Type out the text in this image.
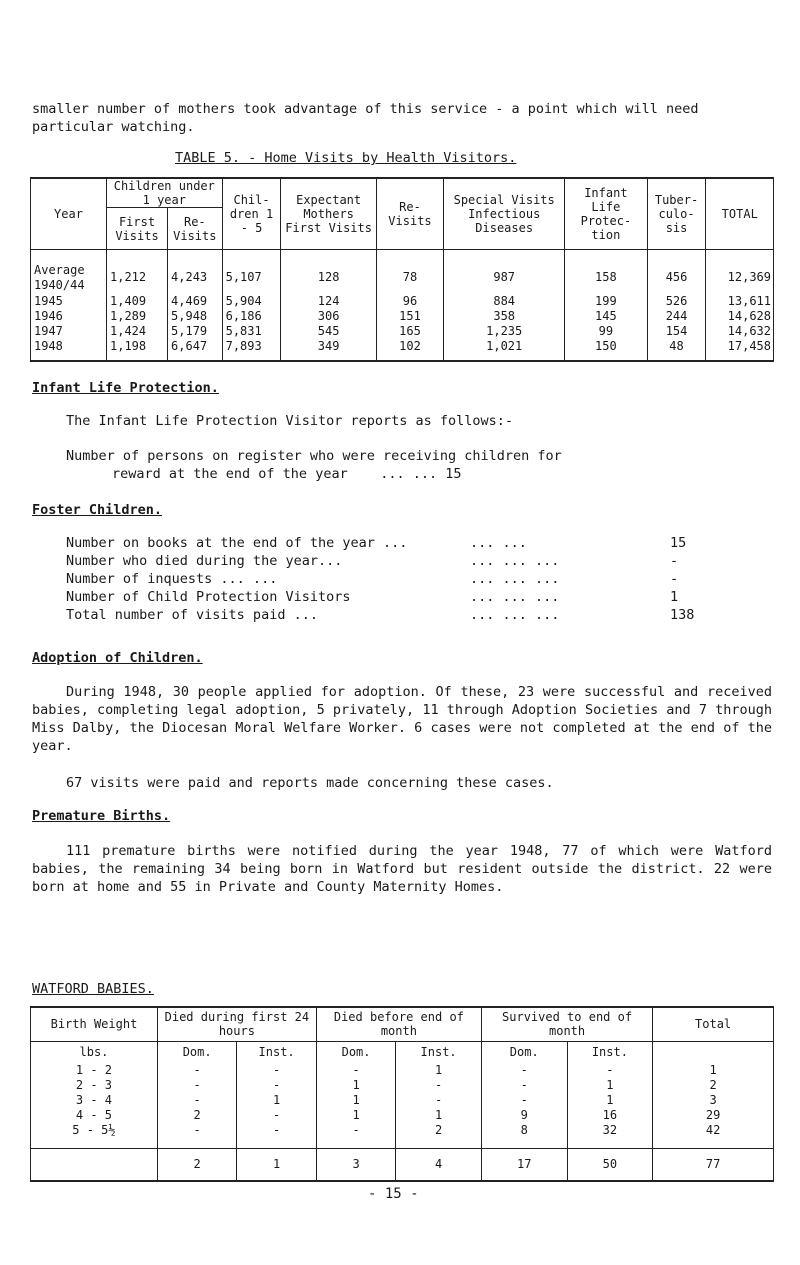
smaller number of mothers took advantage of this service - a point which will need particular watching.
TABLE 5. - Home Visits by Health Visitors.
Year	Children under 1 year		Chil- dren 1 - 5	Expectant Mothers First Visits	Re- Visits	Special Visits Infectious Diseases	Infant Life Protec- tion	Tuber- culo- sis	TOTAL
	First Visits	Re- Visits							
Average 1940/44	1,212	4,243	5,107	128	78	987	158	456	12,369
1945	1,409	4,469	5,904	124	96	884	199	526	13,611
1946	1,289	5,948	6,186	306	151	358	145	244	14,628
1947	1,424	5,179	5,831	545	165	1,235	99	154	14,632
1948	1,198	6,647	7,893	349	102	1,021	150	48	17,458
Infant Life Protection.
The Infant Life Protection Visitor reports as follows:-
Number of persons on register who were receiving children for
reward at the end of the year ... ... 15
Foster Children.
Number on books at the end of the year ...	... ...	15
Number who died during the year...	... ... ...	-
Number of inquests ... ...	... ... ...	-
Number of Child Protection Visitors	... ... ...	1
Total number of visits paid ...	... ... ...	138
Adoption of Children.
During 1948, 30 people applied for adoption. Of these, 23 were successful and received babies, completing legal adoption, 5 privately, 11 through Adoption Societies and 7 through Miss Dalby, the Diocesan Moral Welfare Worker. 6 cases were not completed at the end of the year.
67 visits were paid and reports made concerning these cases.
Premature Births.
111 premature births were notified during the year 1948, 77 of which were Watford babies, the remaining 34 being born in Watford but resident outside the district. 22 were born at home and 55 in Private and County Maternity Homes.
WATFORD BABIES.
Birth Weight	Died during first 24 hours		Died before end of month		Survived to end of month		Total
lbs.	Dom.	Inst.	Dom.	Inst.	Dom.	Inst.	
1 - 2	-	-	-	1	-	-	1
2 - 3	-	-	1	-	-	1	2
3 - 4	-	1	1	-	-	1	3
4 - 5	2	-	1	1	9	16	29
5 - 5½	-	-	-	2	8	32	42
	2	1	3	4	17	50	77
- 15 -
